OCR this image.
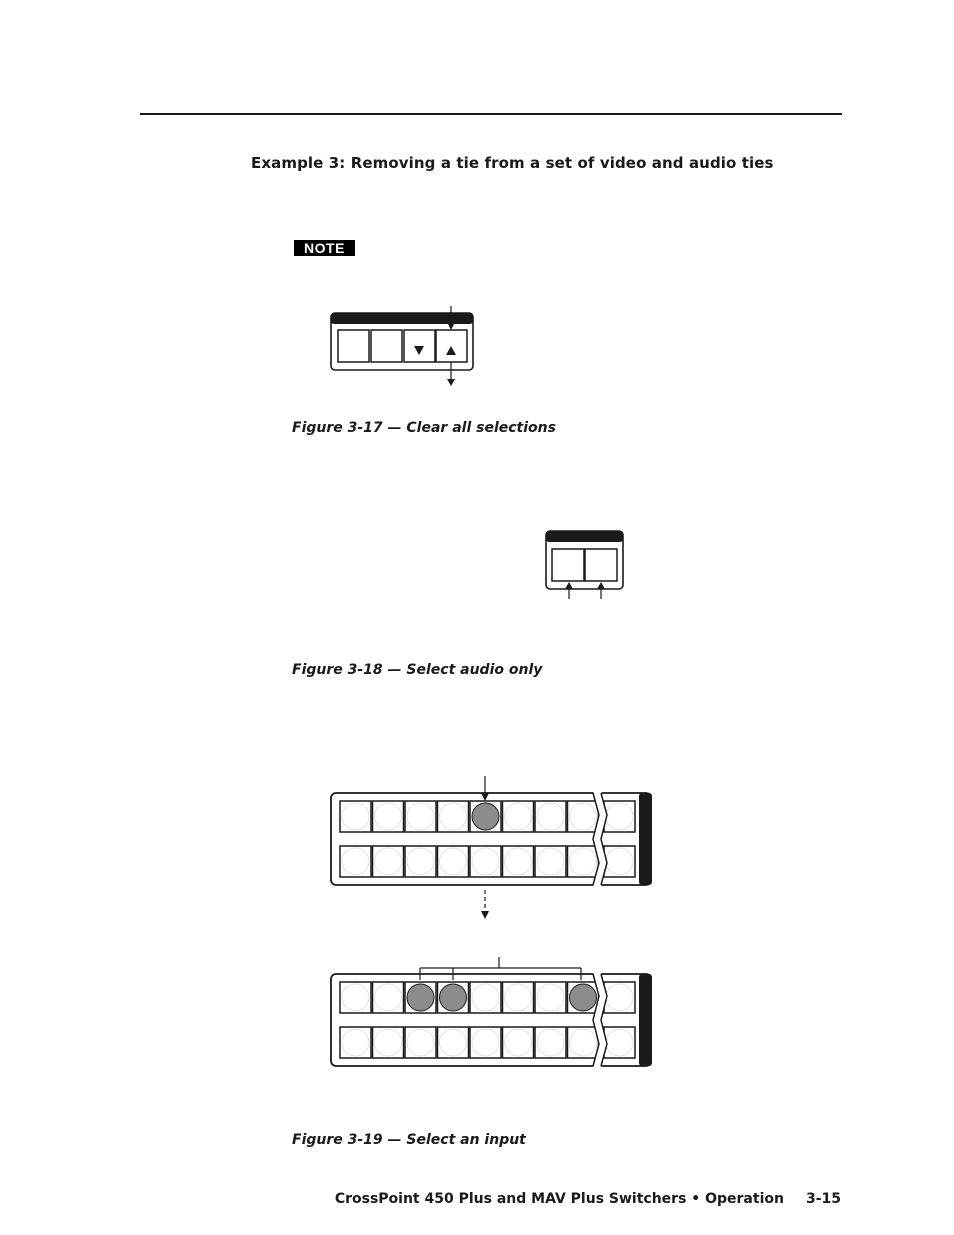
Example 3: Removing a tie from a set of video and audio ties
NOTE
Figure 3-17 — Clear all selections
Figure 3-18 — Select audio only
Figure 3-19 — Select an input
CrossPoint 450 Plus and MAV Plus Switchers • Operation 3-15
